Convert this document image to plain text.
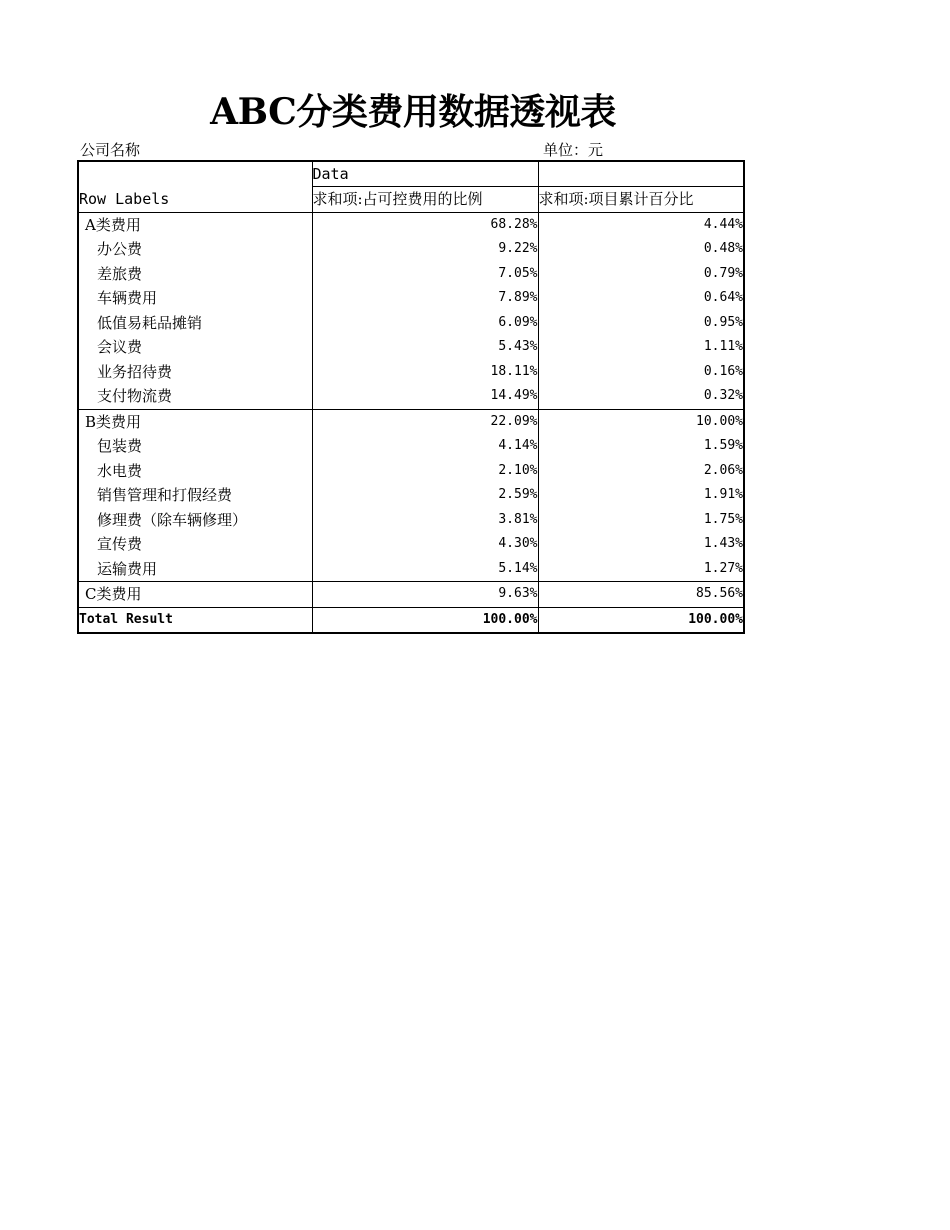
ABC分类费用数据透视表
公司名称	单位：元
	Data	
Row Labels	求和项:占可控费用的比例	求和项:项目累计百分比
A类费用	68.28%	4.44%
办公费	9.22%	0.48%
差旅费	7.05%	0.79%
车辆费用	7.89%	0.64%
低值易耗品摊销	6.09%	0.95%
会议费	5.43%	1.11%
业务招待费	18.11%	0.16%
支付物流费	14.49%	0.32%
B类费用	22.09%	10.00%
包装费	4.14%	1.59%
水电费	2.10%	2.06%
销售管理和打假经费	2.59%	1.91%
修理费（除车辆修理）	3.81%	1.75%
宣传费	4.30%	1.43%
运输费用	5.14%	1.27%
C类费用	9.63%	85.56%
Total Result	100.00%	100.00%
